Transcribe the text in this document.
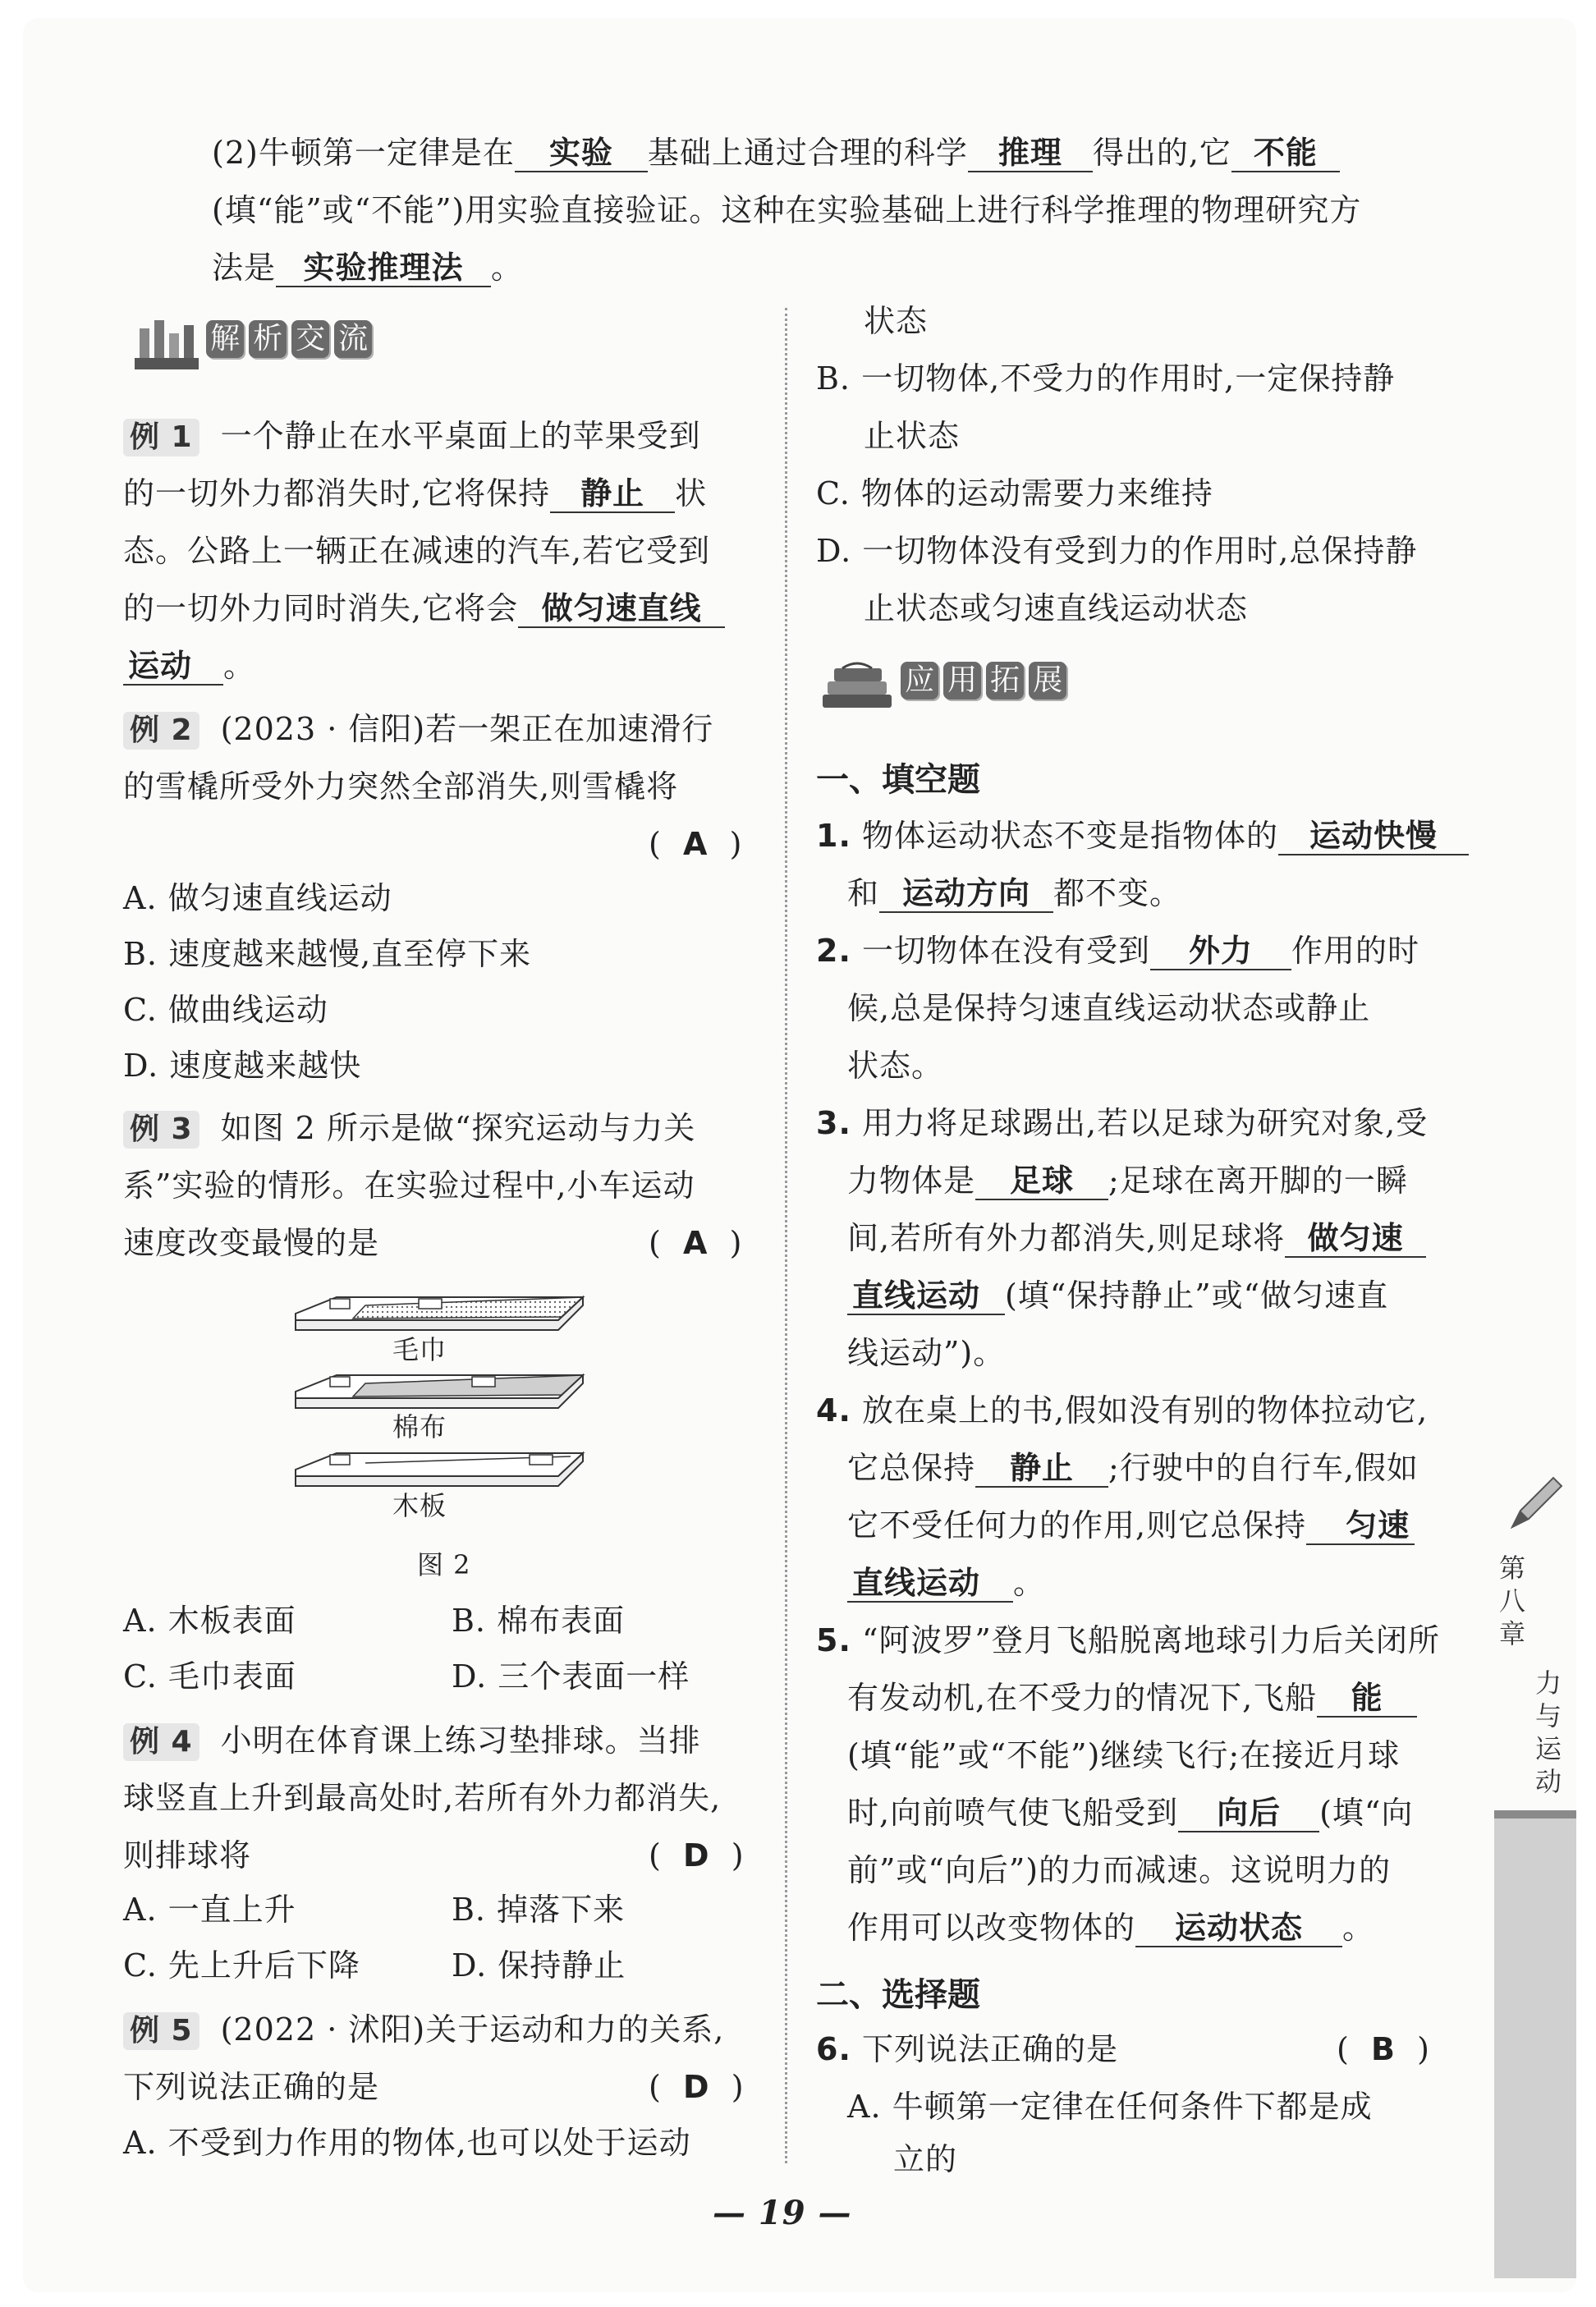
(2)牛顿第一定律是在 实验 基础上通过合理的科学 推理 得出的,它 不能
(填“能”或“不能”)用实验直接验证。这种在实验基础上进行科学推理的物理研究方
法是 实验推理法 。
解 析 交 流
例 1 一个静止在水平桌面上的苹果受到
的一切外力都消失时,它将保持 静止 状
态。公路上一辆正在减速的汽车,若它受到
的一切外力同时消失,它将会 做匀速直线
运动 。
例 2 (2023 · 信阳)若一架正在加速滑行
的雪橇所受外力突然全部消失,则雪橇将
(  A  )
A. 做匀速直线运动
B. 速度越来越慢,直至停下来
C. 做曲线运动
D. 速度越来越快
例 3 如图 2 所示是做“探究运动与力关
系”实验的情形。在实验过程中,小车运动
速度改变最慢的是	(  A  )
毛巾
棉布
木板
图 2
A. 木板表面	B. 棉布表面
C. 毛巾表面	D. 三个表面一样
例 4 小明在体育课上练习垫排球。当排
球竖直上升到最高处时,若所有外力都消失,
则排球将	(  D  )
A. 一直上升	B. 掉落下来
C. 先上升后下降	D. 保持静止
例 5 (2022 · 沭阳)关于运动和力的关系,
下列说法正确的是	(  D  )
A. 不受到力作用的物体,也可以处于运动
状态
B. 一切物体,不受力的作用时,一定保持静
止状态
C. 物体的运动需要力来维持
D. 一切物体没有受到力的作用时,总保持静
止状态或匀速直线运动状态
应 用 拓 展
一、填空题
1. 物体运动状态不变是指物体的 运动快慢
和 运动方向 都不变。
2. 一切物体在没有受到 外力 作用的时
候,总是保持匀速直线运动状态或静止
状态。
3. 用力将足球踢出,若以足球为研究对象,受
力物体是 足球 ;足球在离开脚的一瞬
间,若所有外力都消失,则足球将 做匀速
直线运动 (填“保持静止”或“做匀速直
线运动”)。
4. 放在桌上的书,假如没有别的物体拉动它,
它总保持 静止 ;行驶中的自行车,假如
它不受任何力的作用,则它总保持 匀速
直线运动 。
5. “阿波罗”登月飞船脱离地球引力后关闭所
有发动机,在不受力的情况下,飞船 能
(填“能”或“不能”)继续飞行;在接近月球
时,向前喷气使飞船受到 向后 (填“向
前”或“向后”)的力而减速。这说明力的
作用可以改变物体的 运动状态 。
二、选择题
6. 下列说法正确的是	(  B  )
A. 牛顿第一定律在任何条件下都是成
立的
第
八
章
力
与
运
动
— 19 —
